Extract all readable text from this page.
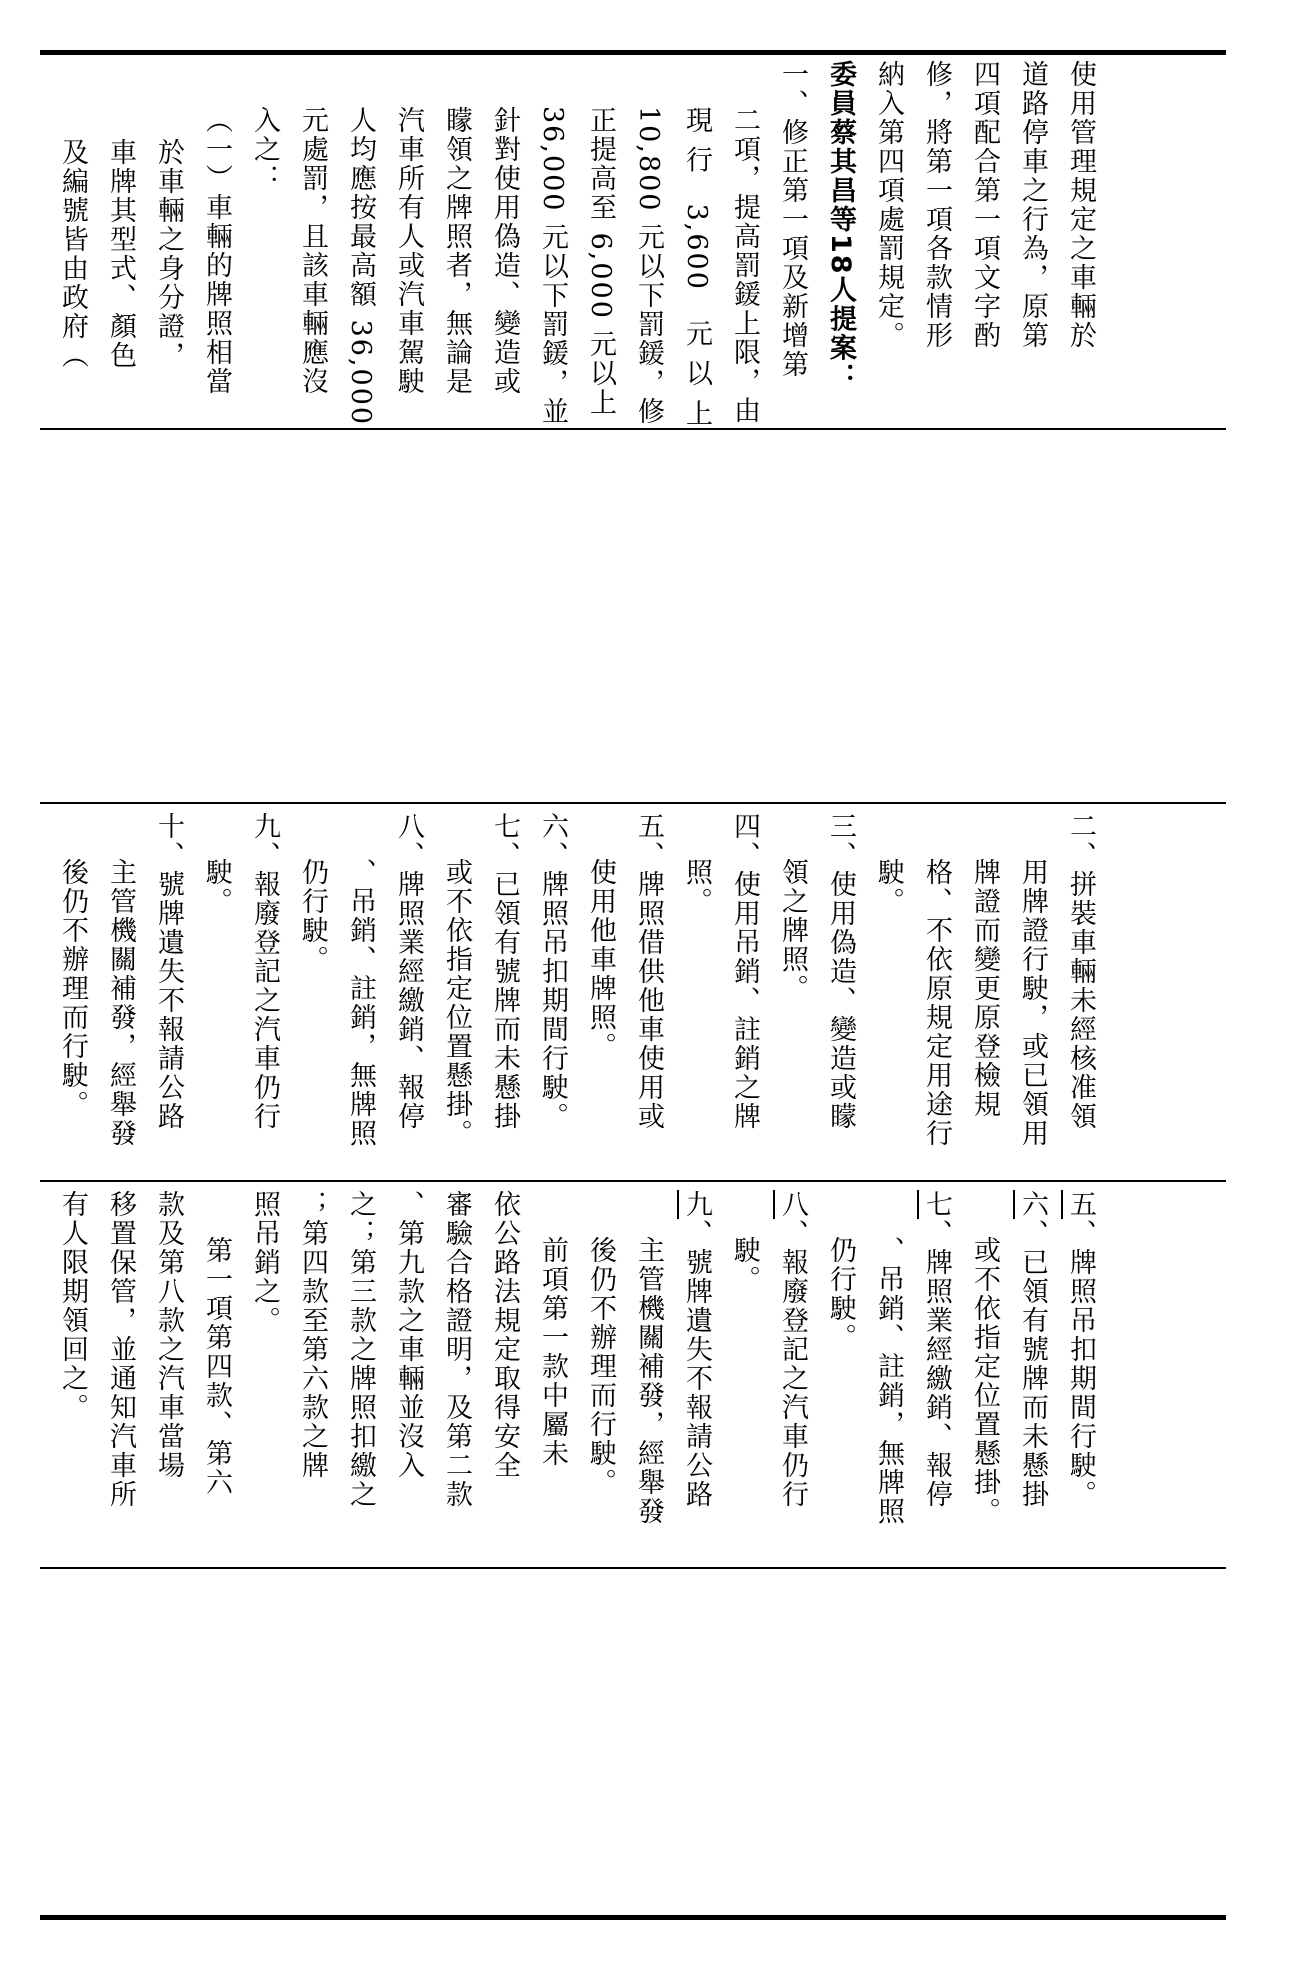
使用管理規定之車輛於
道路停車之行為，原第
四項配合第一項文字酌
修，將第一項各款情形
納入第四項處罰規定。
委員蔡其昌等18人提案：
一、修正第一項及新增第
二項，提高罰鍰上限，由
現 行　3,600　元 以 上
10,800 元以下罰鍰，修
正提高至 6,000 元以上
36,000 元以下罰鍰，並
針對使用偽造、變造或
矇領之牌照者，無論是
汽車所有人或汽車駕駛
人均應按最高額 36,000
元處罰，且該車輛應沒
入之：
（一）車輛的牌照相當
於車輛之身分證，
車牌其型式、顏色
及編號皆由政府（
二、拼裝車輛未經核准領
用牌證行駛，或已領用
牌證而變更原登檢規
格、不依原規定用途行
駛。
三、使用偽造、變造或矇
領之牌照。
四、使用吊銷、註銷之牌
照。
五、牌照借供他車使用或
使用他車牌照。
六、牌照吊扣期間行駛。
七、已領有號牌而未懸掛
或不依指定位置懸掛。
八、牌照業經繳銷、報停
、吊銷、註銷，無牌照
仍行駛。
九、報廢登記之汽車仍行
駛。
十、號牌遺失不報請公路
主管機關補發，經舉發
後仍不辦理而行駛。
五、牌照吊扣期間行駛。
六、已領有號牌而未懸掛
或不依指定位置懸掛。
七、牌照業經繳銷、報停
、吊銷、註銷，無牌照
仍行駛。
八、報廢登記之汽車仍行
駛。
九、號牌遺失不報請公路
主管機關補發，經舉發
後仍不辦理而行駛。
前項第一款中屬未
依公路法規定取得安全
審驗合格證明，及第二款
、第九款之車輛並沒入
之；第三款之牌照扣繳之
；第四款至第六款之牌
照吊銷之。
第一項第四款、第六
款及第八款之汽車當場
移置保管，並通知汽車所
有人限期領回之。
